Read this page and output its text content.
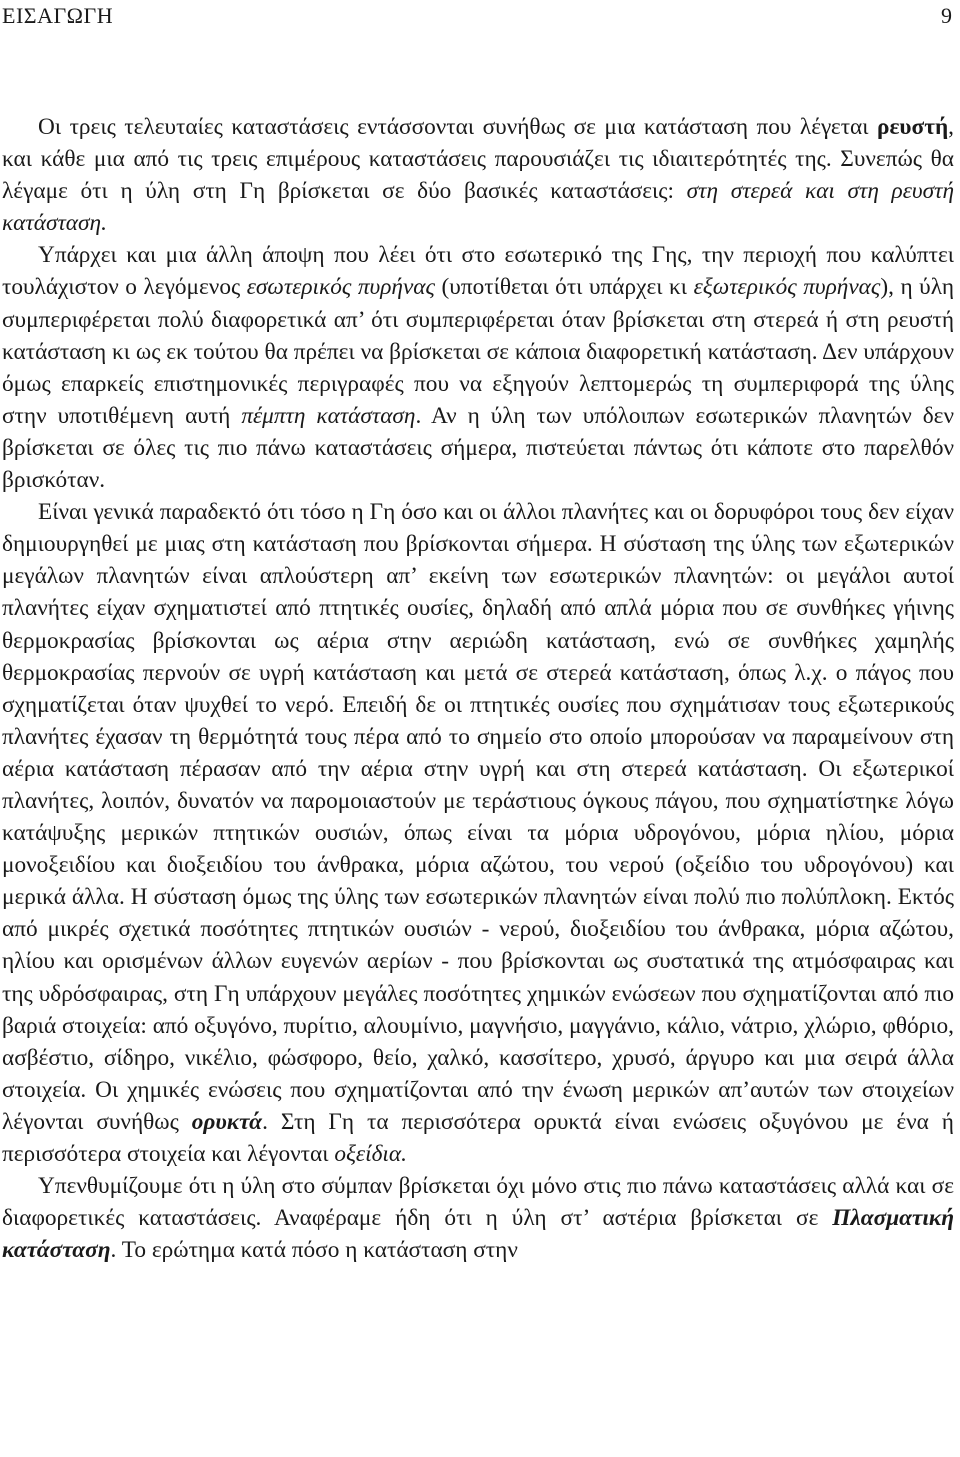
ΕΙΣΑΓΩΓΗ	9

Οι τρεις τελευταίες καταστάσεις εντάσσονται συνήθως σε μια κατάσταση που λέγεται ρευστή, και κάθε μια από τις τρεις επιμέρους καταστάσεις παρουσιάζει τις ιδιαιτερότητές της. Συνεπώς θα λέγαμε ότι η ύλη στη Γη βρίσκεται σε δύο βασικές καταστάσεις: στη στερεά και στη ρευστή κατάσταση.

Υπάρχει και μια άλλη άποψη που λέει ότι στο εσωτερικό της Γης, την περιοχή που καλύπτει τουλάχιστον ο λεγόμενος εσωτερικός πυρήνας (υποτίθεται ότι υπάρχει κι εξωτερικός πυρήνας), η ύλη συμπεριφέρεται πολύ διαφορετικά απ’ ότι συμπεριφέρεται όταν βρίσκεται στη στερεά ή στη ρευστή κατάσταση κι ως εκ τούτου θα πρέπει να βρίσκεται σε κάποια διαφορετική κατάσταση. Δεν υπάρχουν όμως επαρκείς επιστημονικές περιγραφές που να εξηγούν λεπτομερώς τη συμπεριφορά της ύλης στην υποτιθέμενη αυτή πέμπτη κατάσταση. Αν η ύλη των υπόλοιπων εσωτερικών πλανητών δεν βρίσκεται σε όλες τις πιο πάνω καταστάσεις σήμερα, πιστεύεται πάντως ότι κάποτε στο παρελθόν βρισκόταν.

Είναι γενικά παραδεκτό ότι τόσο η Γη όσο και οι άλλοι πλανήτες και οι δορυφόροι τους δεν είχαν δημιουργηθεί με μιας στη κατάσταση που βρίσκονται σήμερα. Η σύσταση της ύλης των εξωτερικών μεγάλων πλανητών είναι απλούστερη απ’ εκείνη των εσωτερικών πλανητών: οι μεγάλοι αυτοί πλανήτες είχαν σχηματιστεί από πτητικές ουσίες, δηλαδή από απλά μόρια που σε συνθήκες γήινης θερμοκρασίας βρίσκονται ως αέρια στην αεριώδη κατάσταση, ενώ σε συνθήκες χαμηλής θερμοκρασίας περνούν σε υγρή κατάσταση και μετά σε στερεά κατάσταση, όπως λ.χ. ο πάγος που σχηματίζεται όταν ψυχθεί το νερό. Επειδή δε οι πτητικές ουσίες που σχημάτισαν τους εξωτερικούς πλανήτες έχασαν τη θερμότητά τους πέρα από το σημείο στο οποίο μπορούσαν να παραμείνουν στη αέρια κατάσταση πέρασαν από την αέρια στην υγρή και στη στερεά κατάσταση. Οι εξωτερικοί πλανήτες, λοιπόν, δυνατόν να παρομοιαστούν με τεράστιους όγκους πάγου, που σχηματίστηκε λόγω κατάψυξης μερικών πτητικών ουσιών, όπως είναι τα μόρια υδρογόνου, μόρια ηλίου, μόρια μονοξειδίου και διοξειδίου του άνθρακα, μόρια αζώτου, του νερού (οξείδιο του υδρογόνου) και μερικά άλλα. Η σύσταση όμως της ύλης των εσωτερικών πλανητών είναι πολύ πιο πολύπλοκη. Εκτός από μικρές σχετικά ποσότητες πτητικών ουσιών - νερού, διοξειδίου του άνθρακα, μόρια αζώτου, ηλίου και ορισμένων άλλων ευγενών αερίων - που βρίσκονται ως συστατικά της ατμόσφαιρας και της υδρόσφαιρας, στη Γη υπάρχουν μεγάλες ποσότητες χημικών ενώσεων που σχηματίζονται από πιο βαριά στοιχεία: από οξυγόνο, πυρίτιο, αλουμίνιο, μαγνήσιο, μαγγάνιο, κάλιο, νάτριο, χλώριο, φθόριο, ασβέστιο, σίδηρο, νικέλιο, φώσφορο, θείο, χαλκό, κασσίτερο, χρυσό, άργυρο και μια σειρά άλλα στοιχεία. Οι χημικές ενώσεις που σχηματίζονται από την ένωση μερικών απ’αυτών των στοιχείων λέγονται συνήθως ορυκτά. Στη Γη τα περισσότερα ορυκτά είναι ενώσεις οξυγόνου με ένα ή περισσότερα στοιχεία και λέγονται οξείδια.

Υπενθυμίζουμε ότι η ύλη στο σύμπαν βρίσκεται όχι μόνο στις πιο πάνω καταστάσεις αλλά και σε διαφορετικές καταστάσεις. Αναφέραμε ήδη ότι η ύλη στ’ αστέρια βρίσκεται σε Πλασματική κατάσταση. Το ερώτημα κατά πόσο η κατάσταση στην
